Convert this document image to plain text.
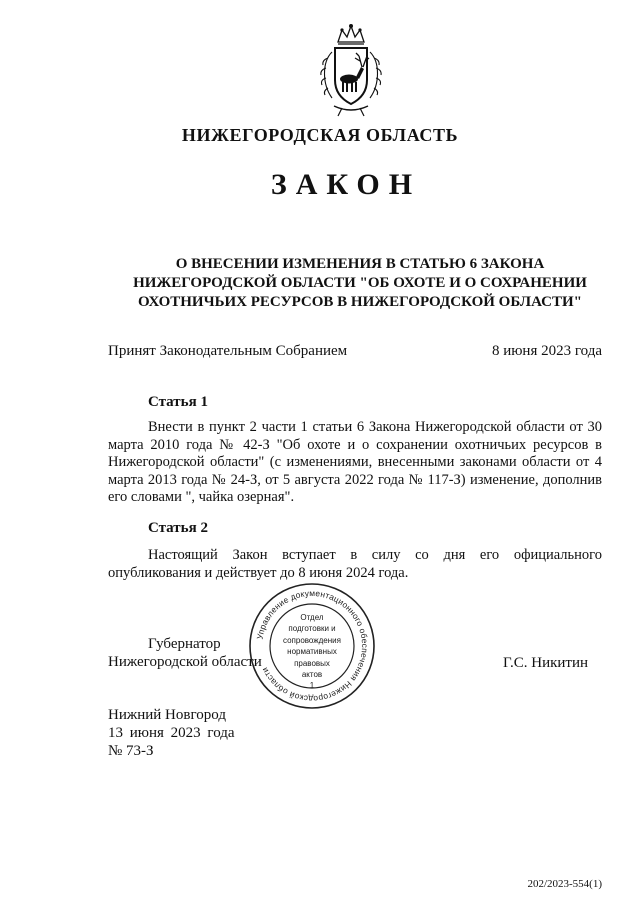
НИЖЕГОРОДСКАЯ ОБЛАСТЬ
ЗАКОН
О ВНЕСЕНИИ ИЗМЕНЕНИЯ В СТАТЬЮ 6 ЗАКОНА
НИЖЕГОРОДСКОЙ ОБЛАСТИ "ОБ ОХОТЕ И О СОХРАНЕНИИ
ОХОТНИЧЬИХ РЕСУРСОВ В НИЖЕГОРОДСКОЙ ОБЛАСТИ"
Принят Законодательным Собранием	8 июня 2023 года
Статья 1
Внести в пункт 2 части 1 статьи 6 Закона Нижегородской области от 30 марта 2010 года № 42-З "Об охоте и о сохранении охотничьих ресурсов в Нижегородской области" (с изменениями, внесенными законами области от 4 марта 2013 года № 24-З, от 5 августа 2022 года № 117-З) изменение, дополнив его словами ", чайка озерная".
Статья 2
Настоящий Закон вступает в силу со дня его официального опубликования и действует до 8 июня 2024 года.
Губернатор
Нижегородской области	Г.С. Никитин
Управление документационного обеспечения Нижегородской области
Отдел
подготовки и
сопровождения
нормативных
правовых
актов
1
Нижний Новгород
13 июня 2023 года
№ 73-З
202/2023-554(1)
